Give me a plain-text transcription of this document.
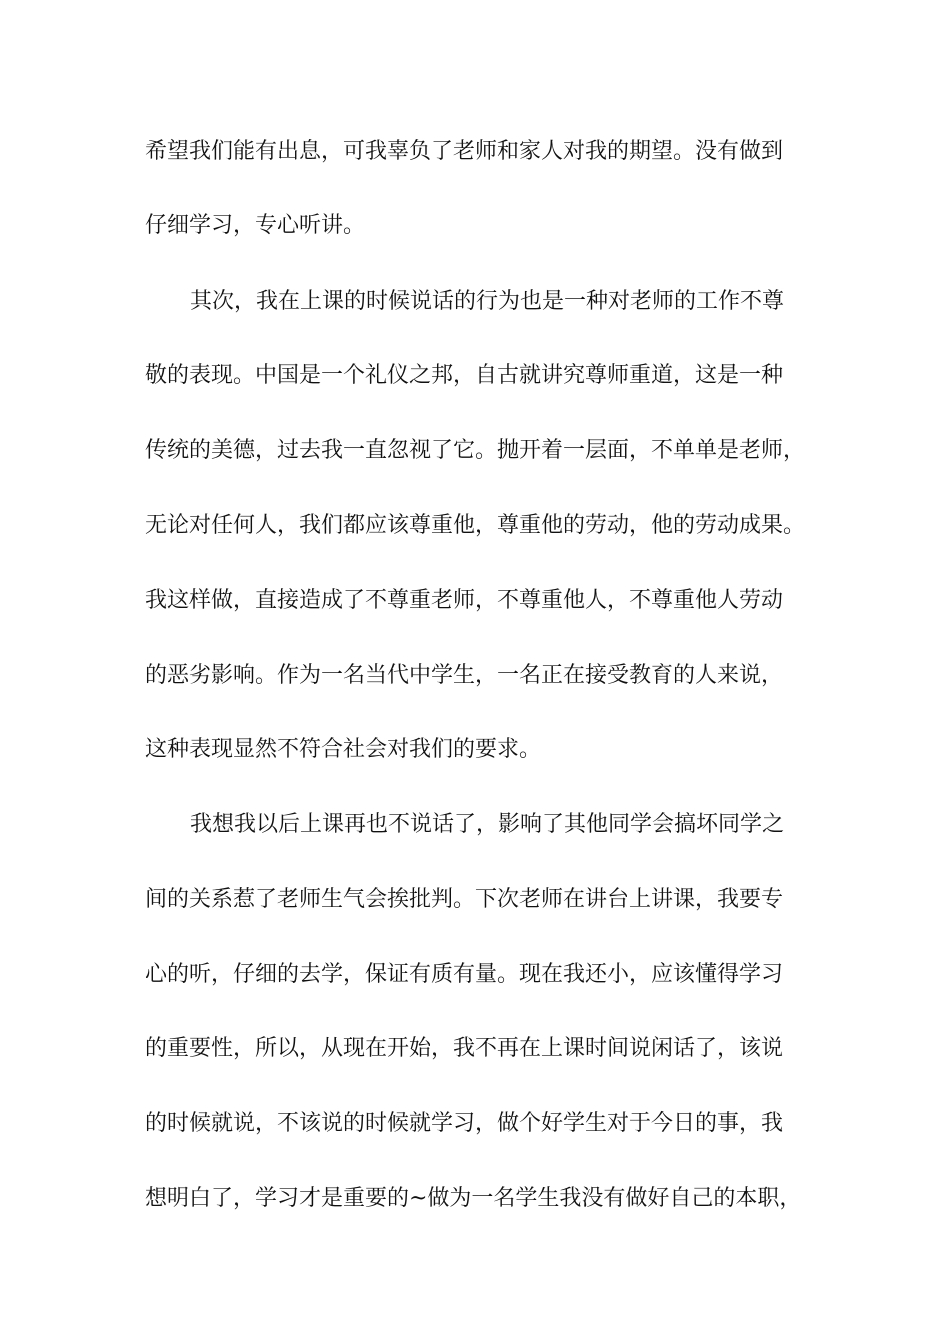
希望我们能有出息，可我辜负了老师和家人对我的期望。没有做到
仔细学习，专心听讲。
其次，我在上课的时候说话的行为也是一种对老师的工作不尊
敬的表现。中国是一个礼仪之邦，自古就讲究尊师重道，这是一种
传统的美德，过去我一直忽视了它。抛开着一层面，不单单是老师，
无论对任何人，我们都应该尊重他，尊重他的劳动，他的劳动成果。
我这样做，直接造成了不尊重老师，不尊重他人，不尊重他人劳动
的恶劣影响。作为一名当代中学生，一名正在接受教育的人来说，
这种表现显然不符合社会对我们的要求。
我想我以后上课再也不说话了，影响了其他同学会搞坏同学之
间的关系惹了老师生气会挨批判。下次老师在讲台上讲课，我要专
心的听，仔细的去学，保证有质有量。现在我还小，应该懂得学习
的重要性，所以，从现在开始，我不再在上课时间说闲话了，该说
的时候就说，不该说的时候就学习，做个好学生对于今日的事，我
想明白了，学习才是重要的~做为一名学生我没有做好自己的本职，
